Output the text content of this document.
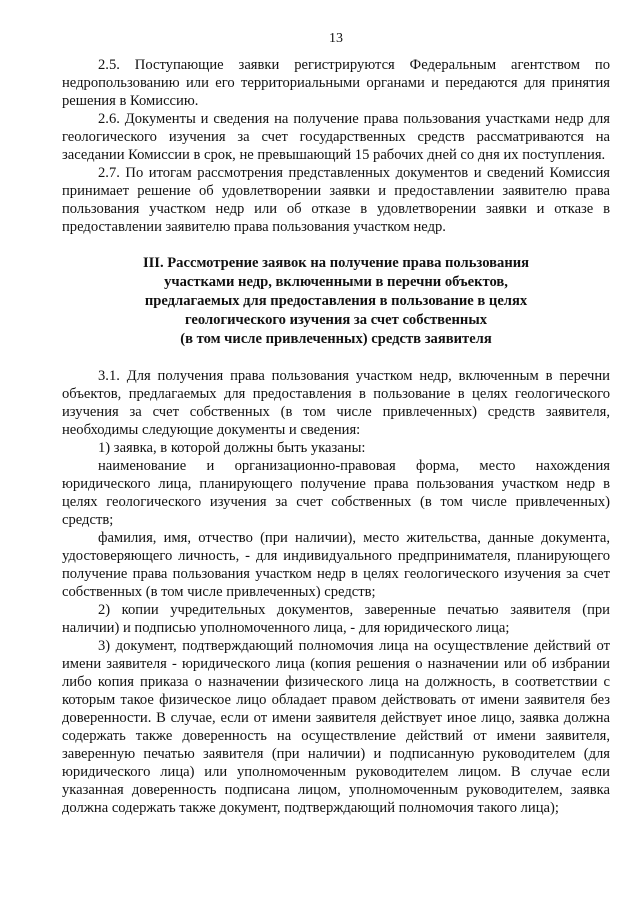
13

2.5. Поступающие заявки регистрируются Федеральным агентством по недропользованию или его территориальными органами и передаются для принятия решения в Комиссию.

2.6. Документы и сведения на получение права пользования участками недр для геологического изучения за счет государственных средств рассматриваются на заседании Комиссии в срок, не превышающий 15 рабочих дней со дня их поступления.

2.7. По итогам рассмотрения представленных документов и сведений Комиссия принимает решение об удовлетворении заявки и предоставлении заявителю права пользования участком недр или об отказе в удовлетворении заявки и отказе в предоставлении заявителю права пользования участком недр.

III. Рассмотрение заявок на получение права пользования
участками недр, включенными в перечни объектов,
предлагаемых для предоставления в пользование в целях
геологического изучения за счет собственных
(в том числе привлеченных) средств заявителя

3.1. Для получения права пользования участком недр, включенным в перечни объектов, предлагаемых для предоставления в пользование в целях геологического изучения за счет собственных (в том числе привлеченных) средств заявителя, необходимы следующие документы и сведения:

1) заявка, в которой должны быть указаны:

наименование и организационно-правовая форма, место нахождения юридического лица, планирующего получение права пользования участком недр в целях геологического изучения за счет собственных (в том числе привлеченных) средств;

фамилия, имя, отчество (при наличии), место жительства, данные документа, удостоверяющего личность, - для индивидуального предпринимателя, планирующего получение права пользования участком недр в целях геологического изучения за счет собственных (в том числе привлеченных) средств;

2) копии учредительных документов, заверенные печатью заявителя (при наличии) и подписью уполномоченного лица, - для юридического лица;

3) документ, подтверждающий полномочия лица на осуществление действий от имени заявителя - юридического лица (копия решения о назначении или об избрании либо копия приказа о назначении физического лица на должность, в соответствии с которым такое физическое лицо обладает правом действовать от имени заявителя без доверенности. В случае, если от имени заявителя действует иное лицо, заявка должна содержать также доверенность на осуществление действий от имени заявителя, заверенную печатью заявителя (при наличии) и подписанную руководителем (для юридического лица) или уполномоченным руководителем лицом. В случае если указанная доверенность подписана лицом, уполномоченным руководителем, заявка должна содержать также документ, подтверждающий полномочия такого лица);
